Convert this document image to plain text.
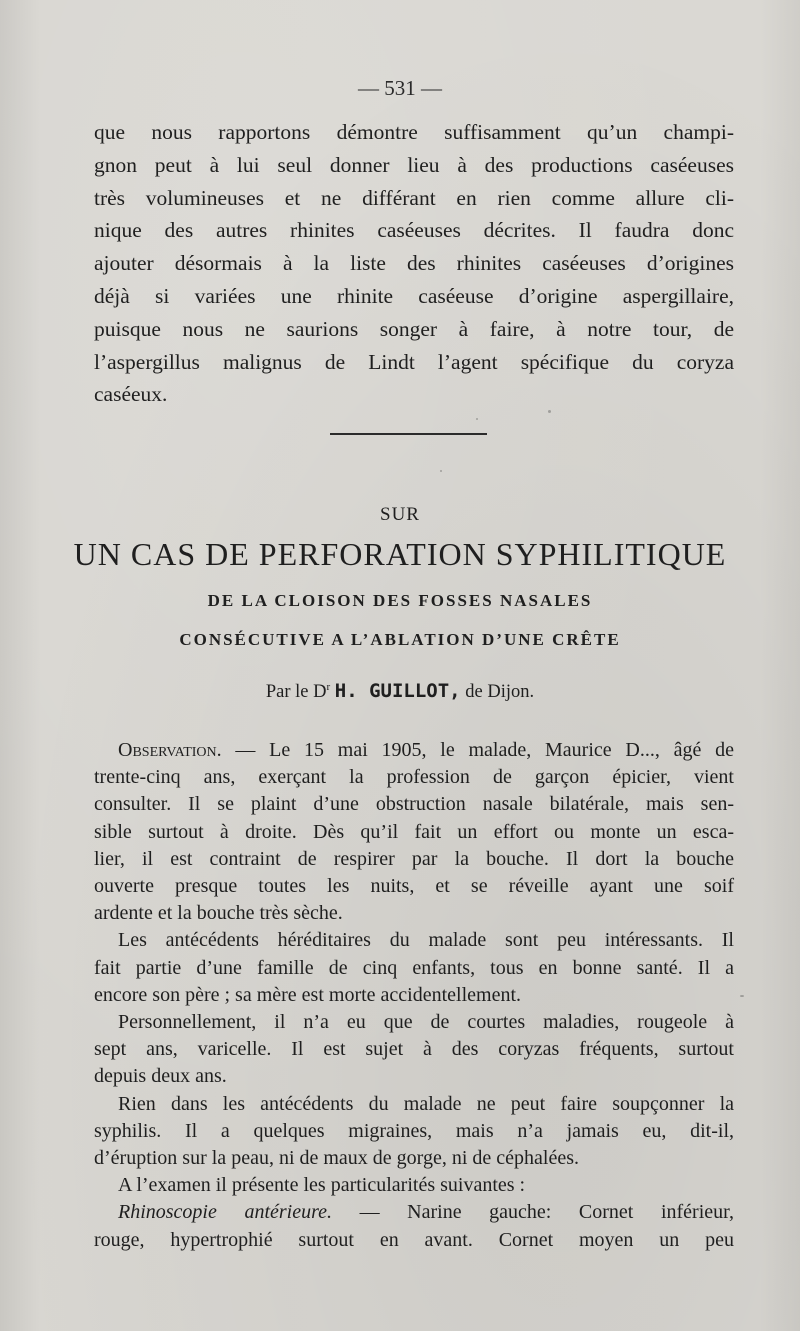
— 531 —
que nous rapportons démontre suffisamment qu’un champi-
gnon peut à lui seul donner lieu à des productions caséeuses
très volumineuses et ne différant en rien comme allure cli-
nique des autres rhinites caséeuses décrites. Il faudra donc
ajouter désormais à la liste des rhinites caséeuses d’origines
déjà si variées une rhinite caséeuse d’origine aspergillaire,
puisque nous ne saurions songer à faire, à notre tour, de
l’aspergillus malignus de Lindt l’agent spécifique du coryza
caséeux.

SUR

UN CAS DE PERFORATION SYPHILITIQUE

DE LA CLOISON DES FOSSES NASALES

CONSÉCUTIVE A L’ABLATION D’UNE CRÊTE

Par le $D^r$ H. GUILLOT, de Dijon.

Observation. — Le 15 mai 1905, le malade, Maurice D..., âgé de
trente-cinq ans, exerçant la profession de garçon épicier, vient
consulter. Il se plaint d’une obstruction nasale bilatérale, mais sen-
sible surtout à droite. Dès qu’il fait un effort ou monte un esca-
lier, il est contraint de respirer par la bouche. Il dort la bouche
ouverte presque toutes les nuits, et se réveille ayant une soif
ardente et la bouche très sèche.
Les antécédents héréditaires du malade sont peu intéressants. Il
fait partie d’une famille de cinq enfants, tous en bonne santé. Il a
encore son père ; sa mère est morte accidentellement.
Personnellement, il n’a eu que de courtes maladies, rougeole à
sept ans, varicelle. Il est sujet à des coryzas fréquents, surtout
depuis deux ans.
Rien dans les antécédents du malade ne peut faire soupçonner la
syphilis. Il a quelques migraines, mais n’a jamais eu, dit-il,
d’éruption sur la peau, ni de maux de gorge, ni de céphalées.
A l’examen il présente les particularités suivantes :
Rhinoscopie antérieure. — Narine gauche: Cornet inférieur,
rouge, hypertrophié surtout en avant. Cornet moyen un peu
